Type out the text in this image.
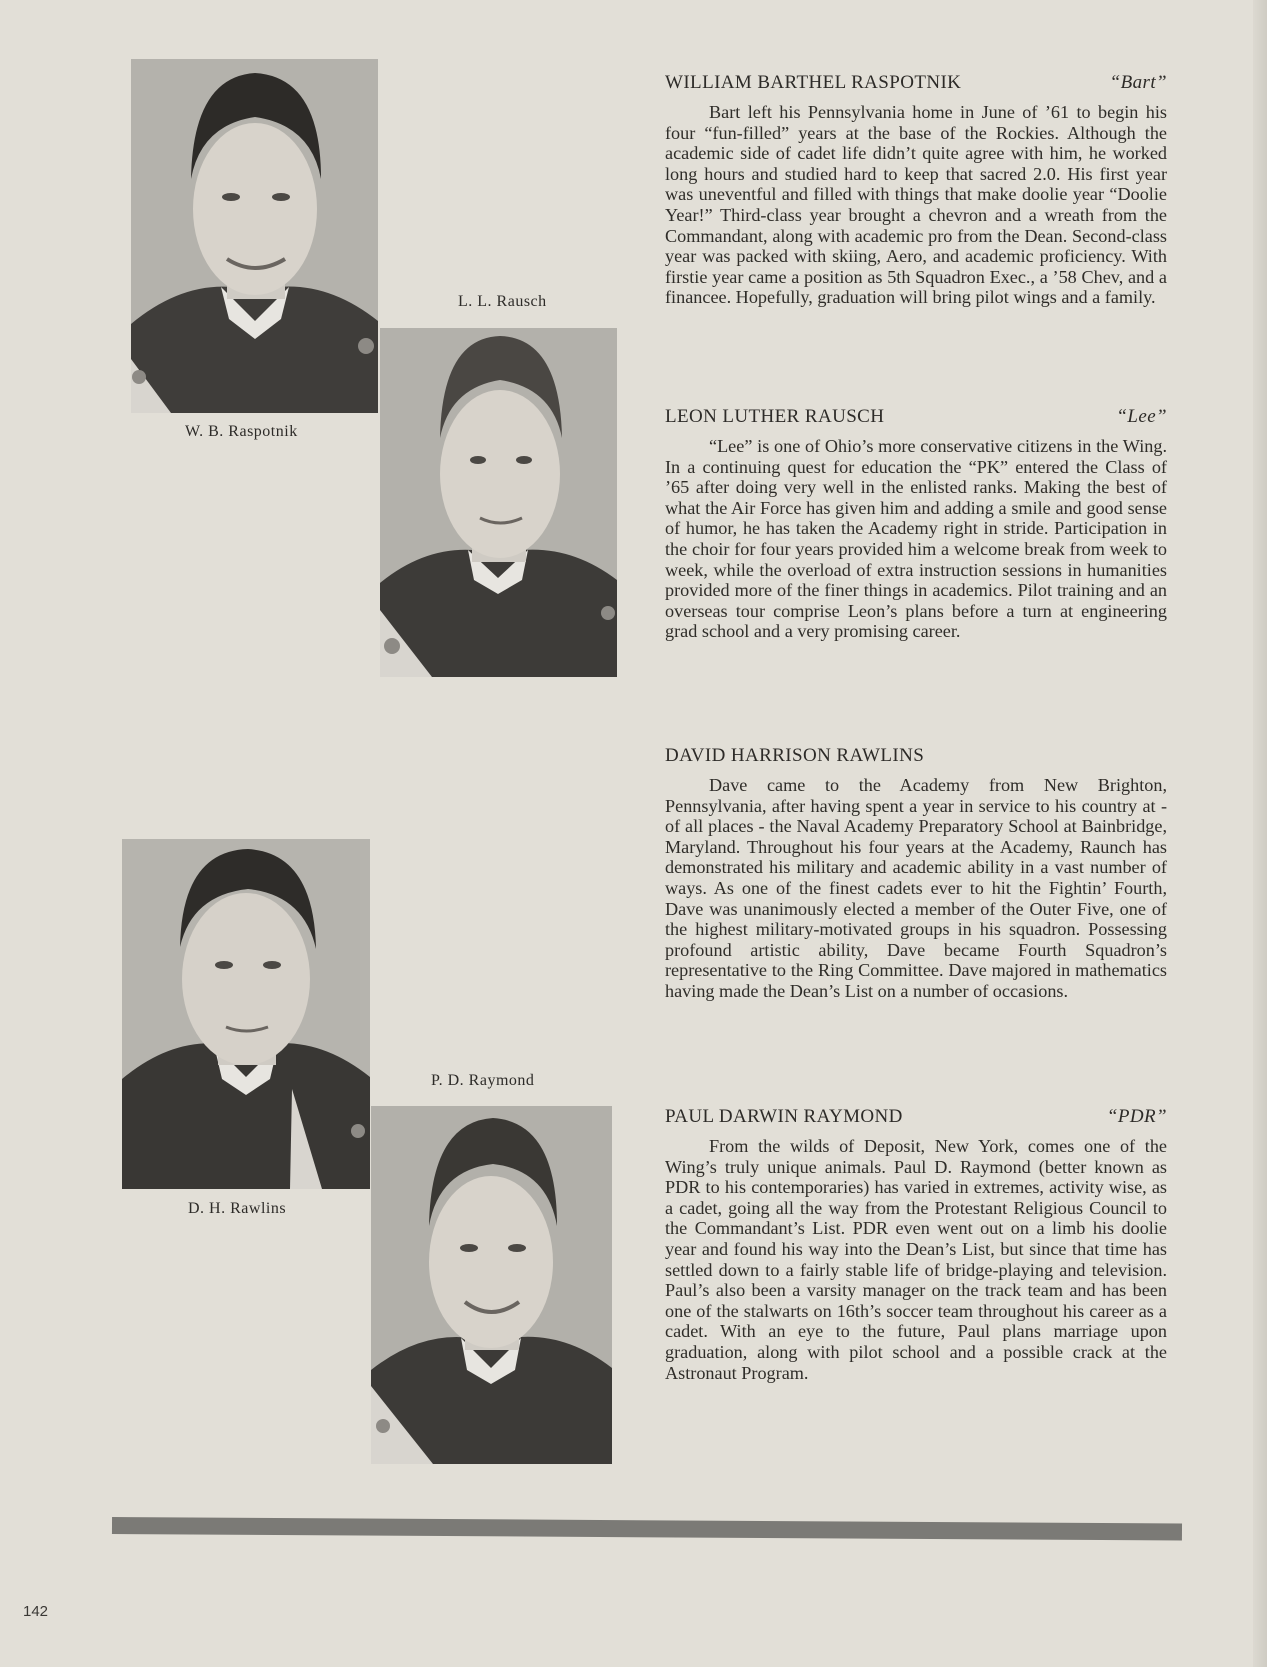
W. B. Raspotnik
L. L. Rausch
D. H. Rawlins
P. D. Raymond
WILLIAM BARTHEL RASPOTNIK	“Bart”

Bart left his Pennsylvania home in June of ’61 to begin his four “fun-filled” years at the base of the Rockies. Although the academic side of cadet life didn’t quite agree with him, he worked long hours and studied hard to keep that sacred 2.0. His first year was uneventful and filled with things that make doolie year “Doolie Year!” Third-class year brought a chevron and a wreath from the Commandant, along with academic pro from the Dean. Second-class year was packed with skiing, Aero, and academic proficiency. With firstie year came a position as 5th Squadron Exec., a ’58 Chev, and a financee. Hopefully, graduation will bring pilot wings and a family.

LEON LUTHER RAUSCH	“Lee”

“Lee” is one of Ohio’s more conservative citizens in the Wing. In a continuing quest for education the “PK” entered the Class of ’65 after doing very well in the enlisted ranks. Making the best of what the Air Force has given him and adding a smile and good sense of humor, he has taken the Academy right in stride. Participation in the choir for four years provided him a welcome break from week to week, while the overload of extra instruction sessions in humanities provided more of the finer things in academics. Pilot training and an overseas tour comprise Leon’s plans before a turn at engineering grad school and a very promising career.

DAVID HARRISON RAWLINS

Dave came to the Academy from New Brighton, Pennsylvania, after having spent a year in service to his country at - of all places - the Naval Academy Preparatory School at Bainbridge, Maryland. Throughout his four years at the Academy, Raunch has demonstrated his military and academic ability in a vast number of ways. As one of the finest cadets ever to hit the Fightin’ Fourth, Dave was unanimously elected a member of the Outer Five, one of the highest military-motivated groups in his squadron. Possessing profound artistic ability, Dave became Fourth Squadron’s representative to the Ring Committee. Dave majored in mathematics having made the Dean’s List on a number of occasions.

PAUL DARWIN RAYMOND	“PDR”

From the wilds of Deposit, New York, comes one of the Wing’s truly unique animals. Paul D. Raymond (better known as PDR to his contemporaries) has varied in extremes, activity wise, as a cadet, going all the way from the Protestant Religious Council to the Commandant’s List. PDR even went out on a limb his doolie year and found his way into the Dean’s List, but since that time has settled down to a fairly stable life of bridge-playing and television. Paul’s also been a varsity manager on the track team and has been one of the stalwarts on 16th’s soccer team throughout his career as a cadet. With an eye to the future, Paul plans marriage upon graduation, along with pilot school and a possible crack at the Astronaut Program.

142
